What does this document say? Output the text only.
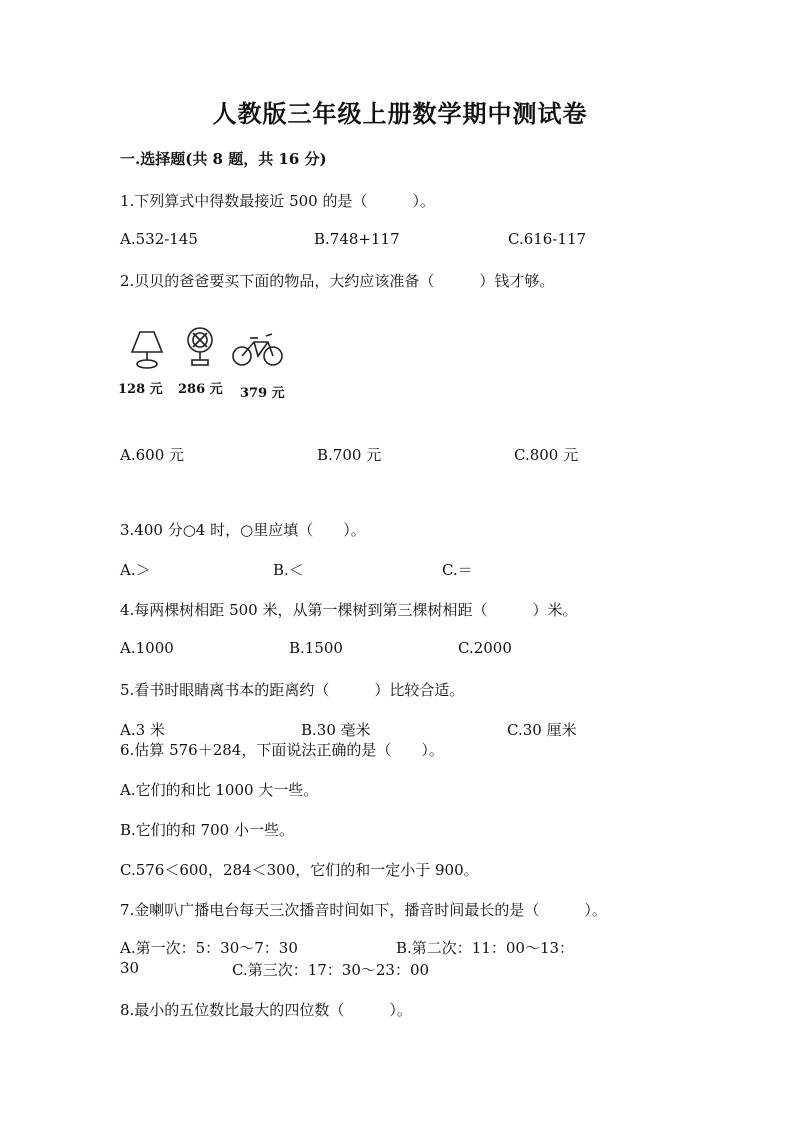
人教版三年级上册数学期中测试卷
一.选择题(共 8 题，共 16 分)
1.下列算式中得数最接近 500 的是（　　　）。
A.532-145	B.748+117	C.616-117
2.贝贝的爸爸要买下面的物品，大约应该准备（　　　）钱才够。
128 元 286 元 379 元
A.600 元	B.700 元	C.800 元
3.400 分○4 时，○里应填（　　）。
A.＞	B.＜	C.＝
4.每两棵树相距 500 米，从第一棵树到第三棵树相距（　　　）米。
A.1000	B.1500	C.2000
5.看书时眼睛离书本的距离约（　　　）比较合适。
A.3 米	B.30 毫米	C.30 厘米
6.估算 576＋284，下面说法正确的是（　　）。
A.它们的和比 1000 大一些。
B.它们的和 700 小一些。
C.576＜600，284＜300，它们的和一定小于 900。
7.金喇叭广播电台每天三次播音时间如下，播音时间最长的是（　　　）。
A.第一次：5：30～7：30	B.第二次：11：00～13：
30	C.第三次：17：30～23：00
8.最小的五位数比最大的四位数（　　　）。
